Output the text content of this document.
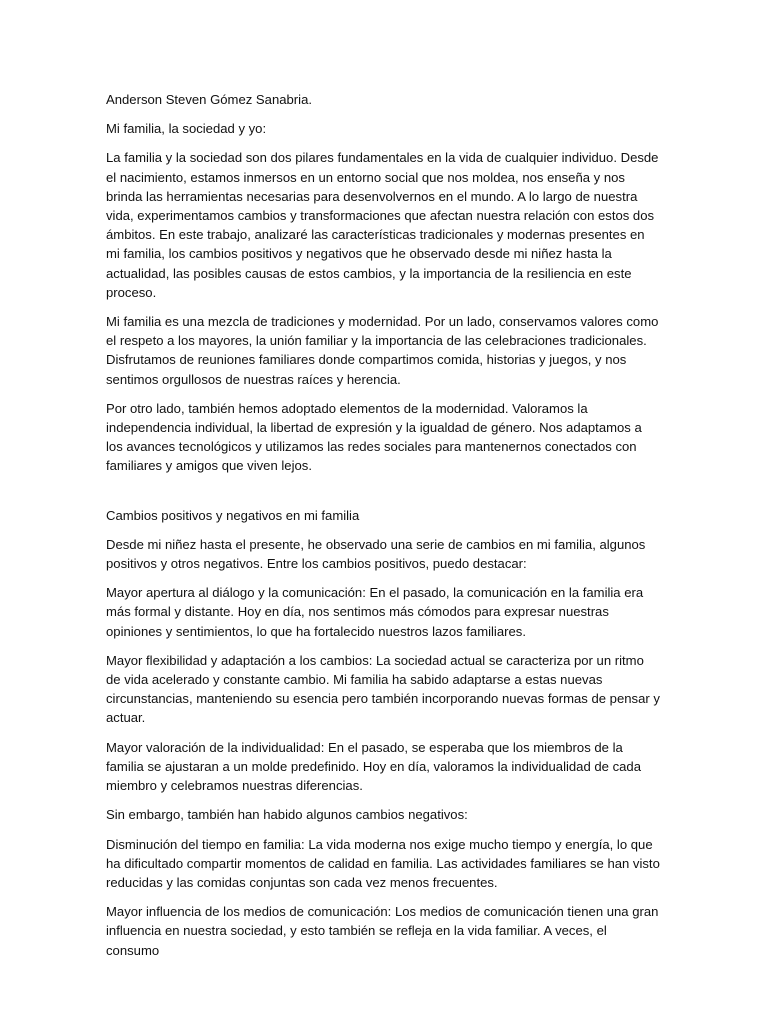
Anderson Steven Gómez Sanabria.

Mi familia, la sociedad y yo:

La familia y la sociedad son dos pilares fundamentales en la vida de cualquier individuo. Desde el nacimiento, estamos inmersos en un entorno social que nos moldea, nos enseña y nos brinda las herramientas necesarias para desenvolvernos en el mundo. A lo largo de nuestra vida, experimentamos cambios y transformaciones que afectan nuestra relación con estos dos ámbitos. En este trabajo, analizaré las características tradicionales y modernas presentes en mi familia, los cambios positivos y negativos que he observado desde mi niñez hasta la actualidad, las posibles causas de estos cambios, y la importancia de la resiliencia en este proceso.

Mi familia es una mezcla de tradiciones y modernidad. Por un lado, conservamos valores como el respeto a los mayores, la unión familiar y la importancia de las celebraciones tradicionales. Disfrutamos de reuniones familiares donde compartimos comida, historias y juegos, y nos sentimos orgullosos de nuestras raíces y herencia.

Por otro lado, también hemos adoptado elementos de la modernidad. Valoramos la independencia individual, la libertad de expresión y la igualdad de género. Nos adaptamos a los avances tecnológicos y utilizamos las redes sociales para mantenernos conectados con familiares y amigos que viven lejos.

Cambios positivos y negativos en mi familia

Desde mi niñez hasta el presente, he observado una serie de cambios en mi familia, algunos positivos y otros negativos. Entre los cambios positivos, puedo destacar:

Mayor apertura al diálogo y la comunicación: En el pasado, la comunicación en la familia era más formal y distante. Hoy en día, nos sentimos más cómodos para expresar nuestras opiniones y sentimientos, lo que ha fortalecido nuestros lazos familiares.

Mayor flexibilidad y adaptación a los cambios: La sociedad actual se caracteriza por un ritmo de vida acelerado y constante cambio. Mi familia ha sabido adaptarse a estas nuevas circunstancias, manteniendo su esencia pero también incorporando nuevas formas de pensar y actuar.

Mayor valoración de la individualidad: En el pasado, se esperaba que los miembros de la familia se ajustaran a un molde predefinido. Hoy en día, valoramos la individualidad de cada miembro y celebramos nuestras diferencias.

Sin embargo, también han habido algunos cambios negativos:

Disminución del tiempo en familia: La vida moderna nos exige mucho tiempo y energía, lo que ha dificultado compartir momentos de calidad en familia. Las actividades familiares se han visto reducidas y las comidas conjuntas son cada vez menos frecuentes.

Mayor influencia de los medios de comunicación: Los medios de comunicación tienen una gran influencia en nuestra sociedad, y esto también se refleja en la vida familiar. A veces, el consumo
